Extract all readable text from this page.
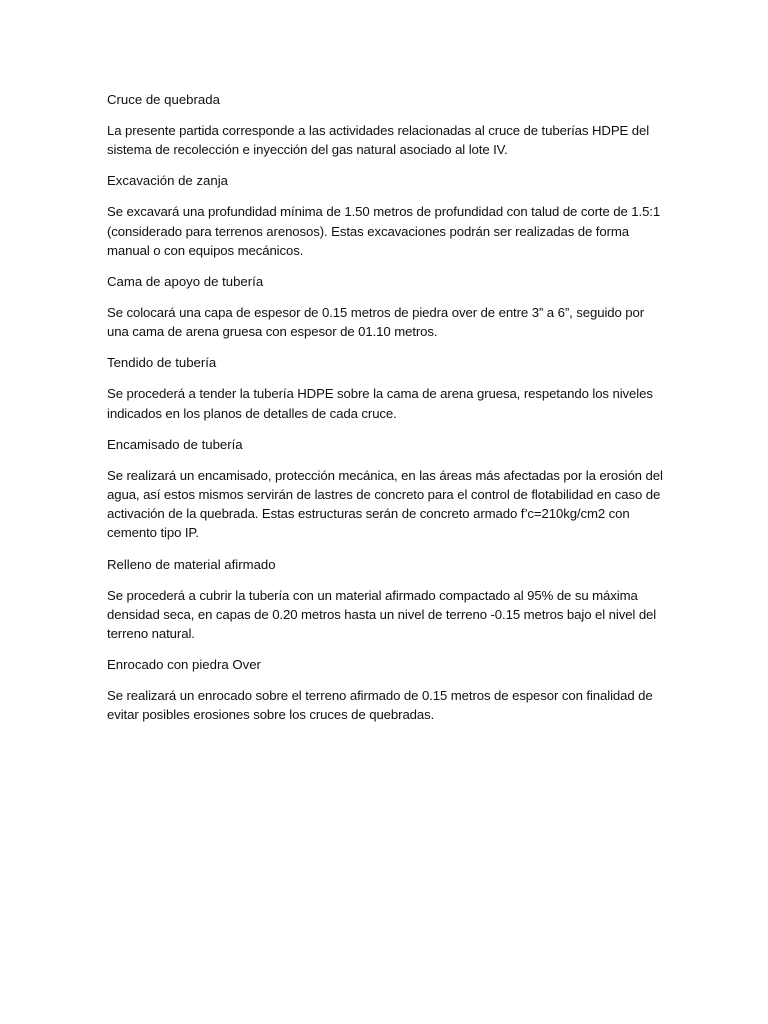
Cruce de quebrada

La presente partida corresponde a las actividades relacionadas al cruce de tuberías HDPE del sistema de recolección e inyección del gas natural asociado al lote IV.

Excavación de zanja

Se excavará una profundidad mínima de 1.50 metros de profundidad con talud de corte de 1.5:1 (considerado para terrenos arenosos). Estas excavaciones podrán ser realizadas de forma manual o con equipos mecánicos.

Cama de apoyo de tubería

Se colocará una capa de espesor de 0.15 metros de piedra over de entre 3” a 6”, seguido por una cama de arena gruesa con espesor de 01.10 metros.

Tendido de tubería

Se procederá a tender la tubería HDPE sobre la cama de arena gruesa, respetando los niveles indicados en los planos de detalles de cada cruce.

Encamisado de tubería

Se realizará un encamisado, protección mecánica, en las áreas más afectadas por la erosión del agua, así estos mismos servirán de lastres de concreto para el control de flotabilidad en caso de activación de la quebrada. Estas estructuras serán de concreto armado f’c=210kg/cm2 con cemento tipo IP.

Relleno de material afirmado

Se procederá a cubrir la tubería con un material afirmado compactado al 95% de su máxima densidad seca, en capas de 0.20 metros hasta un nivel de terreno -0.15 metros bajo el nivel del terreno natural.

Enrocado con piedra Over

Se realizará un enrocado sobre el terreno afirmado de 0.15 metros de espesor con finalidad de evitar posibles erosiones sobre los cruces de quebradas.
